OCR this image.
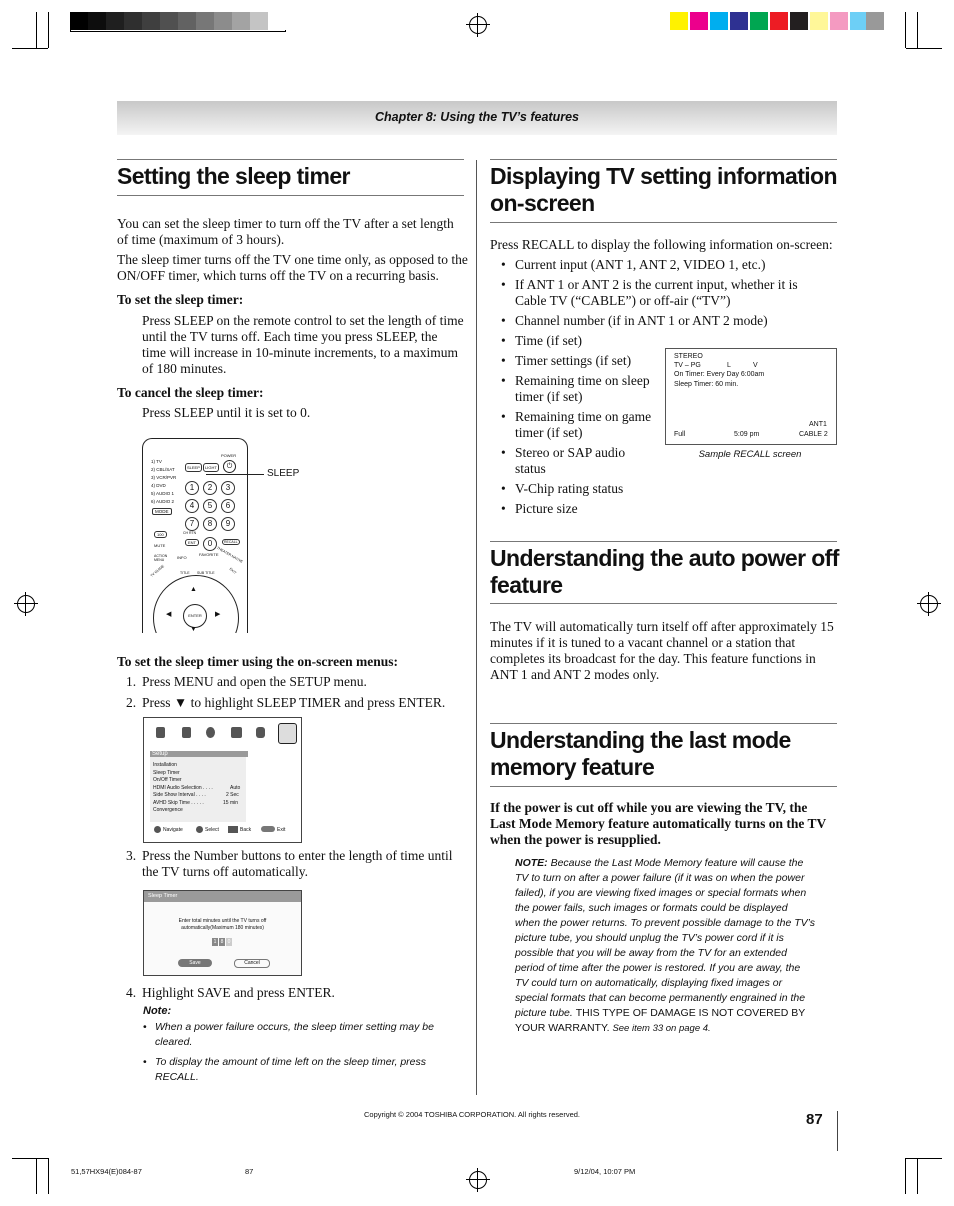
Chapter 8: Using the TV’s features
Setting the sleep timer

You can set the sleep timer to turn off the TV after a set length of time (maximum of 3 hours).

The sleep timer turns off the TV one time only, as opposed to the ON/OFF timer, which turns off the TV on a recurring basis.

To set the sleep timer:

Press SLEEP on the remote control to set the length of time until the TV turns off. Each time you press SLEEP, the time will increase in 10-minute increments, to a maximum of 180 minutes.

To cancel the sleep timer:

Press SLEEP until it is set to 0.

POWER
⏻
1) TV
2) CBL/SAT
3) VCR/PVR
4) DVD
5) AUDIO 1
6) AUDIO 2
MODE
SLEEP	LIGHT
1	2	3
4	5	6
7	8	9
100	CH RTN
ENT	0	RECALL
MUTE
ACTION MENU	INFO
FAVORITE
THEATER NATIVE
TV GUIDE	TITLE SUB TITLE	EXIT
ENTER
▲
◀	▶
▼
SLEEP

To set the sleep timer using the on-screen menus:

1. Press MENU and open the SETUP menu.
2. Press ▼ to highlight SLEEP TIMER and press ENTER.
Setup
Installation
Sleep Timer
On/Off Timer
HDMI Audio Selection . . . .	Auto
Side Show Interval . . . .	2 Sec
AVHD Skip Time . . . . .	15 min
Convergence
Navigate	Select	Back	Exit
3. Press the Number buttons to enter the length of time until the TV turns off automatically.
Sleep Timer
Enter total minutes until the TV turns off
automatically(Maximum 180 minutes)
1 8 0
Save	Cancel
4. Highlight SAVE and press ENTER.
Note:
• When a power failure occurs, the sleep timer setting may be cleared.
• To display the amount of time left on the sleep timer, press RECALL.
Displaying TV setting information
on-screen

Press RECALL to display the following information on-screen:

• Current input (ANT 1, ANT 2, VIDEO 1, etc.)
• If ANT 1 or ANT 2 is the current input, whether it is Cable TV (“CABLE”) or off-air (“TV”)
• Channel number (if in ANT 1 or ANT 2 mode)
• Time (if set)
• Timer settings (if set)
• Remaining time on sleep timer (if set)
• Remaining time on game timer (if set)
• Stereo or SAP audio status
• V-Chip rating status
• Picture size
STEREO
TV – PG	L	V
On Timer: Every Day 6:00am
Sleep Timer: 60 min.
ANT1
Full	5:09 pm	CABLE 2
Sample RECALL screen
Understanding the auto power off
feature

The TV will automatically turn itself off after approximately 15 minutes if it is tuned to a vacant channel or a station that completes its broadcast for the day. This feature functions in ANT 1 and ANT 2 modes only.

Understanding the last mode
memory feature

If the power is cut off while you are viewing the TV, the Last Mode Memory feature automatically turns on the TV when the power is resupplied.

NOTE: Because the Last Mode Memory feature will cause the TV to turn on after a power failure (if it was on when the power failed), if you are viewing fixed images or special formats when the power fails, such images or formats could be displayed when the power returns. To prevent possible damage to the TV’s picture tube, you should unplug the TV’s power cord if it is possible that you will be away from the TV for an extended period of time after the power is restored. If you are away, the TV could turn on automatically, displaying fixed images or special formats that can become permanently engrained in the picture tube. THIS TYPE OF DAMAGE IS NOT COVERED BY YOUR WARRANTY. See item 33 on page 4.
Copyright © 2004 TOSHIBA CORPORATION. All rights reserved.	87
51,57HX94(E)084-87	87	9/12/04, 10:07 PM
